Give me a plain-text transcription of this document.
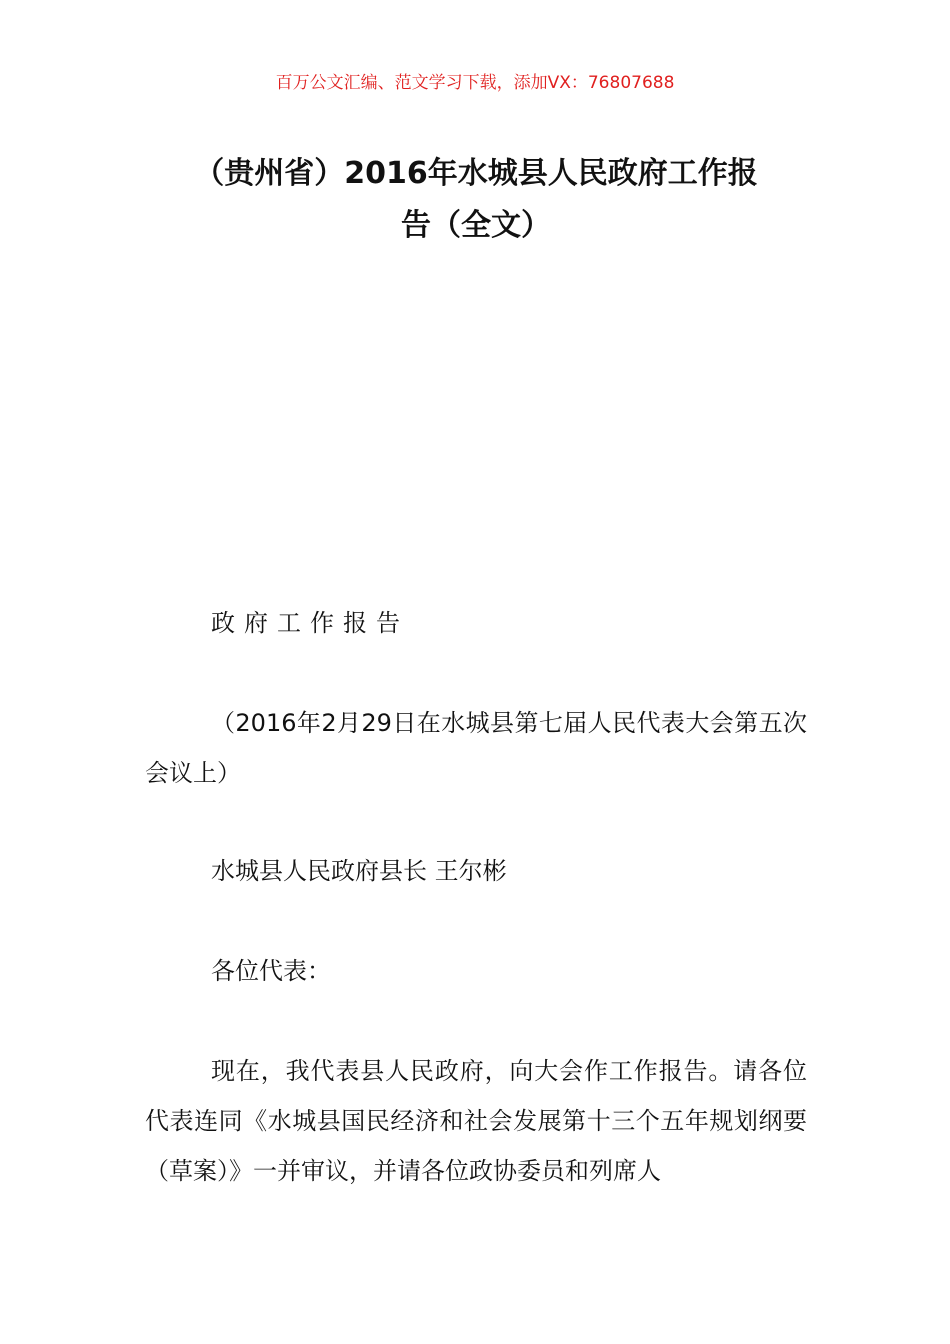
百万公文汇编、范文学习下载，添加VX：76807688
（贵州省）2016年水城县人民政府工作报
告（全文）
政府工作报告
（2016年2月29日在水城县第七届人民代表大会第五次会议上）
水城县人民政府县长 王尔彬
各位代表：
现在，我代表县人民政府，向大会作工作报告。请各位代表连同《水城县国民经济和社会发展第十三个五年规划纲要（草案）》一并审议，并请各位政协委员和列席人
